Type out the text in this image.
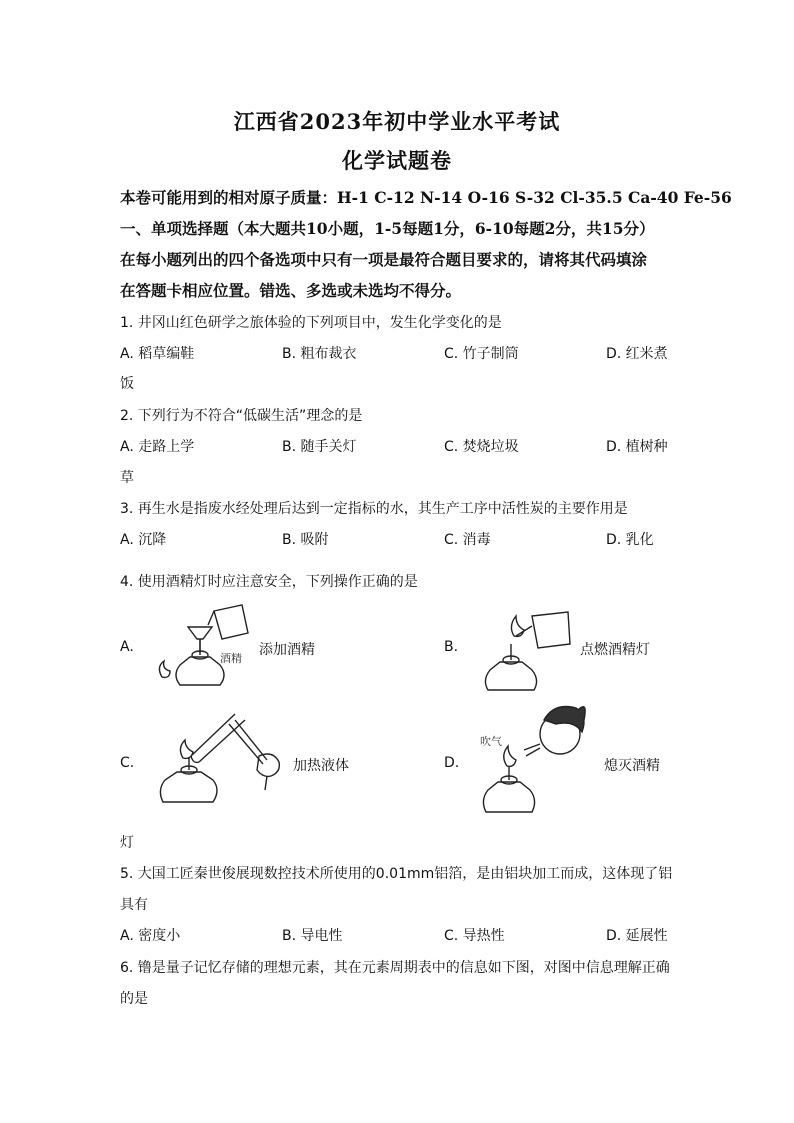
江西省2023年初中学业水平考试
化学试题卷
本卷可能用到的相对原子质量：H-1 C-12 N-14 O-16 S-32 Cl-35.5 Ca-40 Fe-56
一、单项选择题（本大题共10小题，1-5每题1分，6-10每题2分，共15分）
在每小题列出的四个备选项中只有一项是最符合题目要求的，请将其代码填涂
在答题卡相应位置。错选、多选或未选均不得分。
1. 井冈山红色研学之旅体验的下列项目中，发生化学变化的是
A. 稻草编鞋	B. 粗布裁衣	C. 竹子制筒	D. 红米煮
饭
2. 下列行为不符合“低碳生活”理念的是
A. 走路上学	B. 随手关灯	C. 焚烧垃圾	D. 植树种
草
3. 再生水是指废水经处理后达到一定指标的水，其生产工序中活性炭的主要作用是
A. 沉降	B. 吸附	C. 消毒	D. 乳化
4. 使用酒精灯时应注意安全，下列操作正确的是
A.
酒精
添加酒精	B.	点燃酒精灯
C.	加热液体	D.
吹气
熄灭酒精
灯
5. 大国工匠秦世俊展现数控技术所使用的0.01mm铝箔，是由铝块加工而成，这体现了铝
具有
A. 密度小	B. 导电性	C. 导热性	D. 延展性
6. 镥是量子记忆存储的理想元素，其在元素周期表中的信息如下图，对图中信息理解正确
的是
